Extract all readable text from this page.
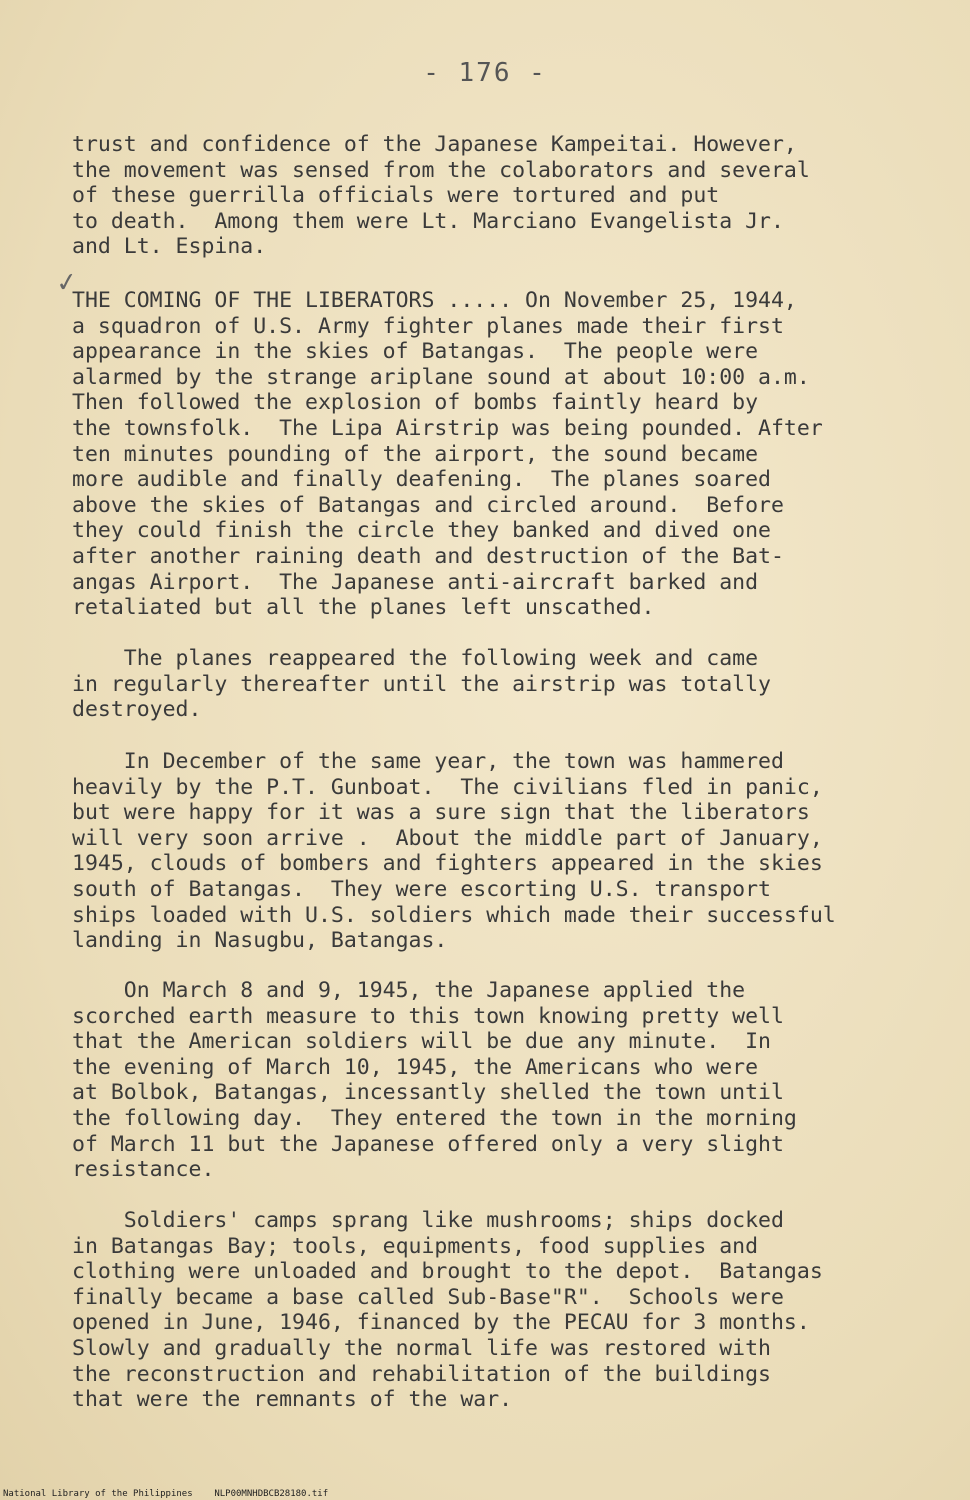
- 176 -
✓
trust and confidence of the Japanese Kampeitai. However,
the movement was sensed from the colaborators and several
of these guerrilla officials were tortured and put
to death.  Among them were Lt. Marciano Evangelista Jr.
and Lt. Espina.
THE COMING OF THE LIBERATORS ..... On November 25, 1944,
a squadron of U.S. Army fighter planes made their first
appearance in the skies of Batangas.  The people were
alarmed by the strange ariplane sound at about 10:00 a.m.
Then followed the explosion of bombs faintly heard by
the townsfolk.  The Lipa Airstrip was being pounded. After
ten minutes pounding of the airport, the sound became
more audible and finally deafening.  The planes soared
above the skies of Batangas and circled around.  Before
they could finish the circle they banked and dived one
after another raining death and destruction of the Bat-
angas Airport.  The Japanese anti-aircraft barked and
retaliated but all the planes left unscathed.
The planes reappeared the following week and came
in regularly thereafter until the airstrip was totally
destroyed.
In December of the same year, the town was hammered
heavily by the P.T. Gunboat.  The civilians fled in panic,
but were happy for it was a sure sign that the liberators
will very soon arrive .  About the middle part of January,
1945, clouds of bombers and fighters appeared in the skies
south of Batangas.  They were escorting U.S. transport
ships loaded with U.S. soldiers which made their successful
landing in Nasugbu, Batangas.
On March 8 and 9, 1945, the Japanese applied the
scorched earth measure to this town knowing pretty well
that the American soldiers will be due any minute.  In
the evening of March 10, 1945, the Americans who were
at Bolbok, Batangas, incessantly shelled the town until
the following day.  They entered the town in the morning
of March 11 but the Japanese offered only a very slight
resistance.
Soldiers' camps sprang like mushrooms; ships docked
in Batangas Bay; tools, equipments, food supplies and
clothing were unloaded and brought to the depot.  Batangas
finally became a base called Sub-Base"R".  Schools were
opened in June, 1946, financed by the PECAU for 3 months.
Slowly and gradually the normal life was restored with
the reconstruction and rehabilitation of the buildings
that were the remnants of the war.
National Library of the Philippines NLP00MNHDBCB28180.tif
